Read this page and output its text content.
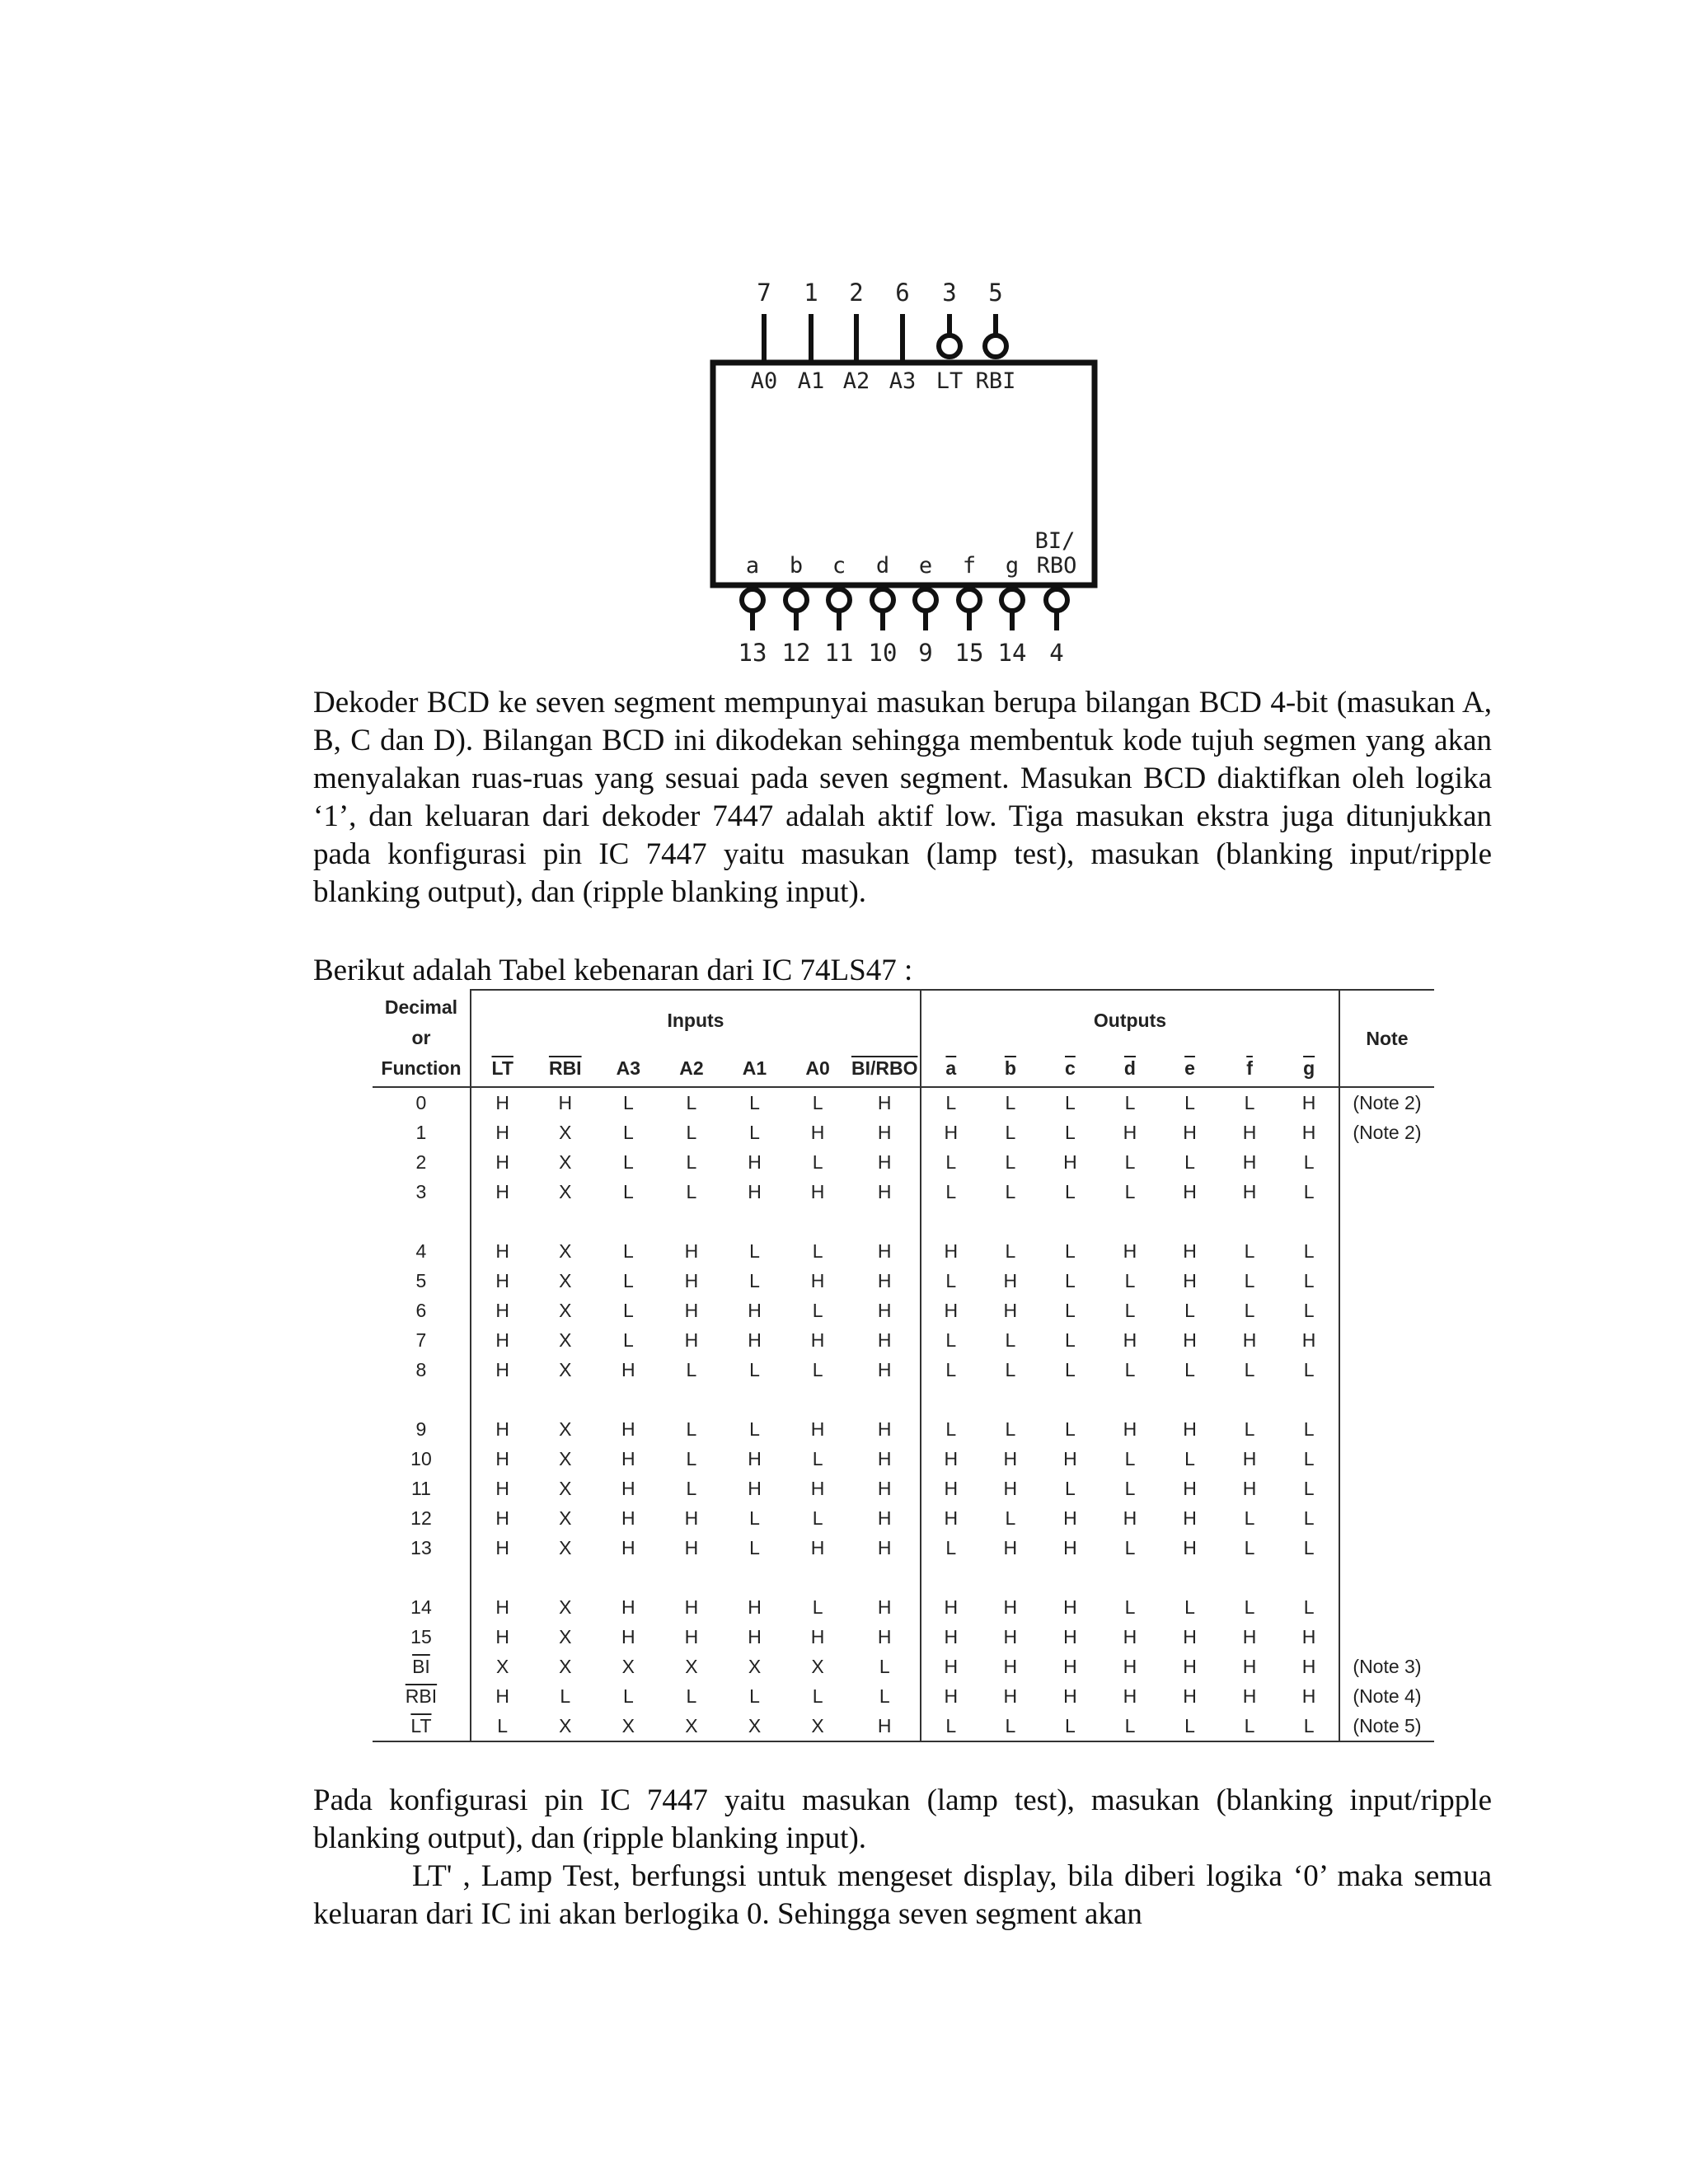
7
A0
1
A1
2
A2
6
A3
3
LT
5
RBI
a
13
b
12
c
11
d
10
e
9
f
15
g
14
RBO
4
BI/

Dekoder BCD ke seven segment mempunyai masukan berupa bilangan BCD 4-bit (masukan A, B, C dan D). Bilangan BCD ini dikodekan sehingga membentuk kode tujuh segmen yang akan menyalakan ruas-ruas yang sesuai pada seven segment. Masukan BCD diaktifkan oleh logika ‘1’, dan keluaran dari dekoder 7447 adalah aktif low. Tiga masukan ekstra juga ditunjukkan pada konfigurasi pin IC 7447 yaitu masukan (lamp test), masukan (blanking input/ripple blanking output), dan (ripple blanking input).

Berikut adalah Tabel kebenaran dari IC 74LS47 :

Decimal
or
Function	Inputs							Outputs							Note
	$\overline{LT}$	$\overline{RBI}$	A3	A2	A1	A0	BI/RBO	$\overline{a}$	$\overline{b}$	$\overline{c}$	$\overline{d}$	$\overline{e}$	$\overline{f}$	$\overline{g}$
0	H	H	L	L	L	L	H	L	L	L	L	L	L	H	(Note 2)
1	H	X	L	L	L	H	H	H	L	L	H	H	H	H	(Note 2)
2	H	X	L	L	H	L	H	L	L	H	L	L	H	L	
3	H	X	L	L	H	H	H	L	L	L	L	H	H	L	

4	H	X	L	H	L	L	H	H	L	L	H	H	L	L	
5	H	X	L	H	L	H	H	L	H	L	L	H	L	L	
6	H	X	L	H	H	L	H	H	H	L	L	L	L	L	
7	H	X	L	H	H	H	H	L	L	L	H	H	H	H	
8	H	X	H	L	L	L	H	L	L	L	L	L	L	L	

9	H	X	H	L	L	H	H	L	L	L	H	H	L	L	
10	H	X	H	L	H	L	H	H	H	H	L	L	H	L	
11	H	X	H	L	H	H	H	H	H	L	L	H	H	L	
12	H	X	H	H	L	L	H	H	L	H	H	H	L	L	
13	H	X	H	H	L	H	H	L	H	H	L	H	L	L	

14	H	X	H	H	H	L	H	H	H	H	L	L	L	L	
15	H	X	H	H	H	H	H	H	H	H	H	H	H	H	
$\overline{BI}$	X	X	X	X	X	X	L	H	H	H	H	H	H	H	(Note 3)
$\overline{RBI}$	H	L	L	L	L	L	L	H	H	H	H	H	H	H	(Note 4)
$\overline{LT}$	L	X	X	X	X	X	H	L	L	L	L	L	L	L	(Note 5)

Pada konfigurasi pin IC 7447 yaitu masukan (lamp test), masukan (blanking input/ripple blanking output), dan (ripple blanking input).

LT' , Lamp Test, berfungsi untuk mengeset display, bila diberi logika ‘0’ maka semua keluaran dari IC ini akan berlogika 0. Sehingga seven segment akan
